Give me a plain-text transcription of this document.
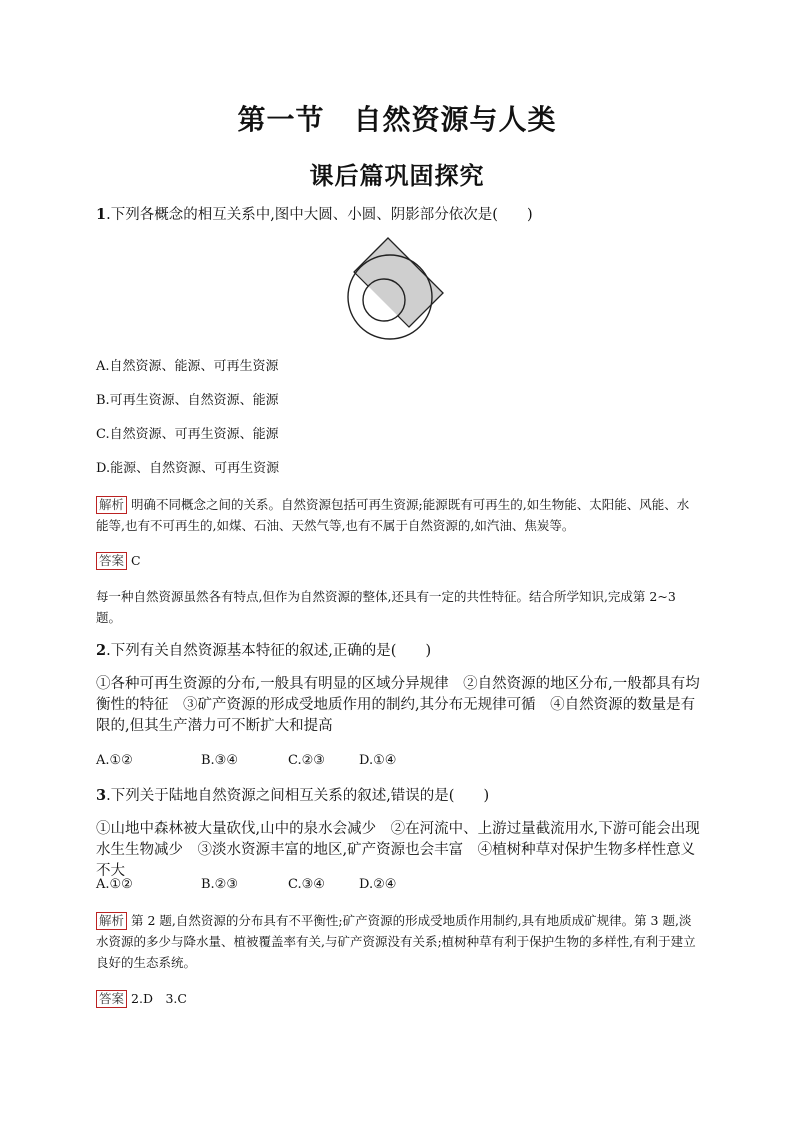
第一节　自然资源与人类
课后篇巩固探究
1.下列各概念的相互关系中,图中大圆、小圆、阴影部分依次是(　　)
A.自然资源、能源、可再生资源
B.可再生资源、自然资源、能源
C.自然资源、可再生资源、能源
D.能源、自然资源、可再生资源
解析 明确不同概念之间的关系。自然资源包括可再生资源;能源既有可再生的,如生物能、太阳能、风能、水能等,也有不可再生的,如煤、石油、天然气等,也有不属于自然资源的,如汽油、焦炭等。
答案 C
每一种自然资源虽然各有特点,但作为自然资源的整体,还具有一定的共性特征。结合所学知识,完成第 2~3 题。
2.下列有关自然资源基本特征的叙述,正确的是(　　)
①各种可再生资源的分布,一般具有明显的区域分异规律　②自然资源的地区分布,一般都具有均衡性的特征　③矿产资源的形成受地质作用的制约,其分布无规律可循　④自然资源的数量是有限的,但其生产潜力可不断扩大和提高
A.①②	B.③④	C.②③	D.①④
3.下列关于陆地自然资源之间相互关系的叙述,错误的是(　　)
①山地中森林被大量砍伐,山中的泉水会减少　②在河流中、上游过量截流用水,下游可能会出现水生生物减少　③淡水资源丰富的地区,矿产资源也会丰富　④植树种草对保护生物多样性意义不大
A.①②	B.②③	C.③④	D.②④
解析 第 2 题,自然资源的分布具有不平衡性;矿产资源的形成受地质作用制约,具有地质成矿规律。第 3 题,淡水资源的多少与降水量、植被覆盖率有关,与矿产资源没有关系;植树种草有利于保护生物的多样性,有利于建立良好的生态系统。
答案 2.D　3.C
